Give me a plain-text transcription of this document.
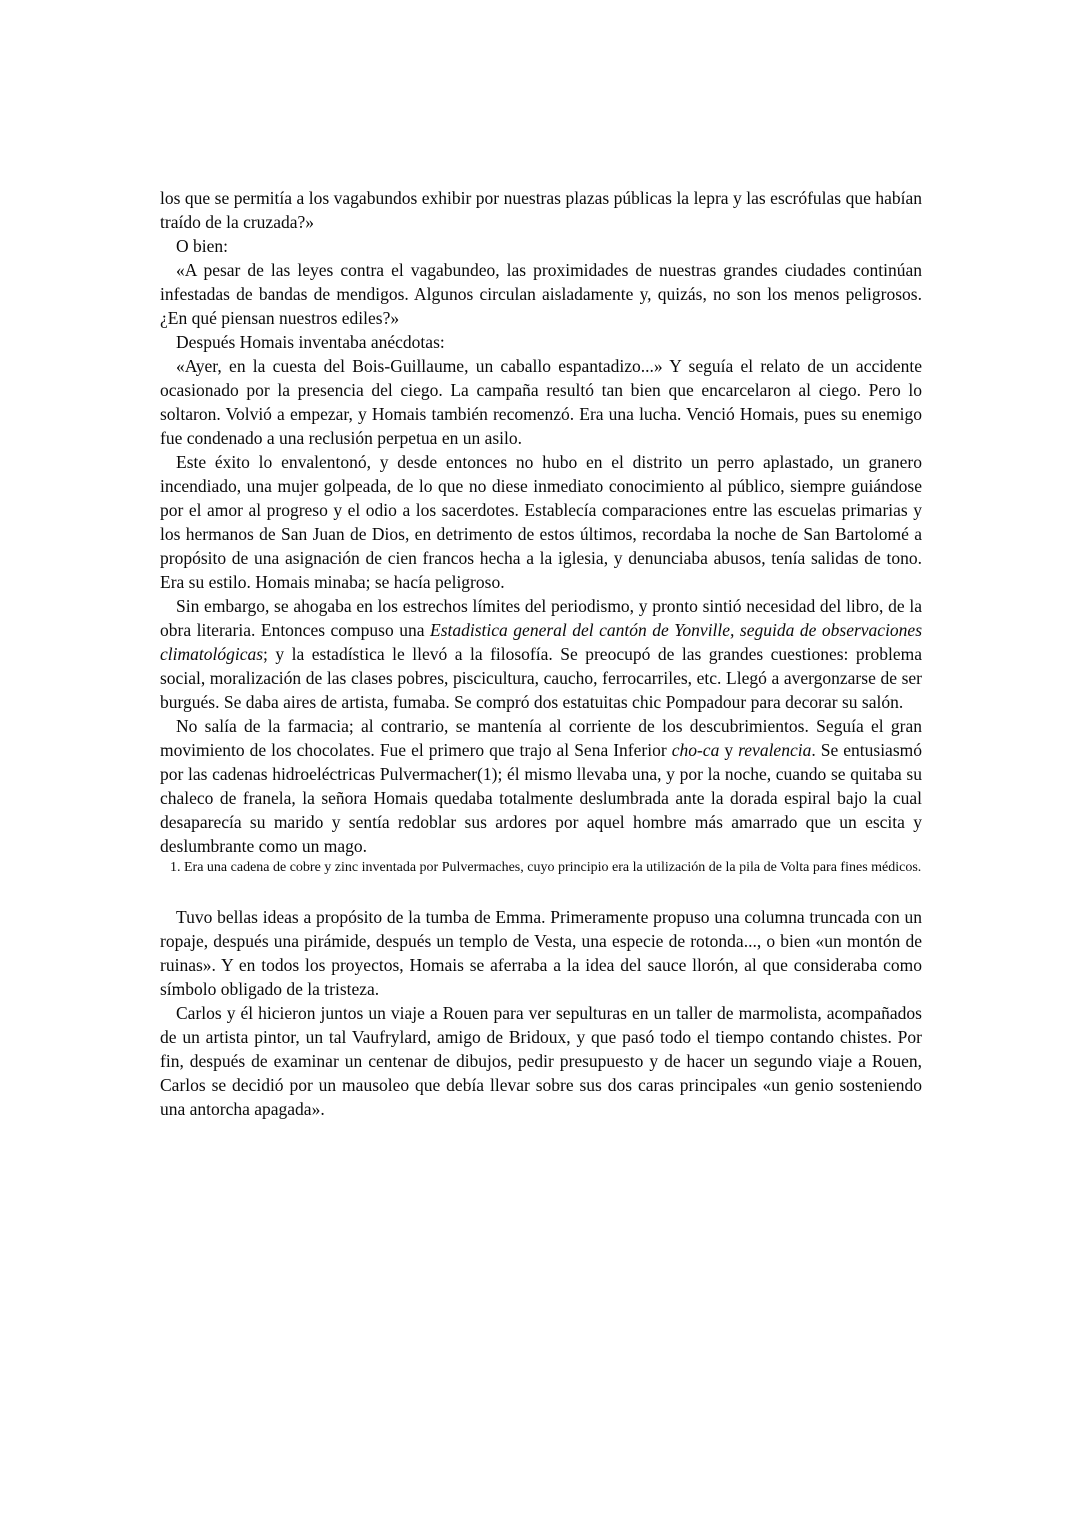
los que se permitía a los vagabundos exhibir por nuestras plazas públicas la lepra y las escrófulas que habían traído de la cruzada?»

O bien:

«A pesar de las leyes contra el vagabundeo, las proximidades de nuestras grandes ciudades continúan infestadas de bandas de mendigos. Algunos circulan aisladamente y, quizás, no son los menos peligrosos. ¿En qué piensan nuestros ediles?»

Después Homais inventaba anécdotas:

«Ayer, en la cuesta del Bois-Guillaume, un caballo espantadizo...» Y seguía el relato de un accidente ocasionado por la presencia del ciego. La campaña resultó tan bien que encarcelaron al ciego. Pero lo soltaron. Volvió a empezar, y Homais también recomenzó. Era una lucha. Venció Homais, pues su enemigo fue condenado a una reclusión perpetua en un asilo.

Este éxito lo envalentonó, y desde entonces no hubo en el distrito un perro aplastado, un granero incendiado, una mujer golpeada, de lo que no diese inmediato conocimiento al público, siempre guiándose por el amor al progreso y el odio a los sacerdotes. Establecía comparaciones entre las escuelas primarias y los hermanos de San Juan de Dios, en detrimento de estos últimos, recordaba la noche de San Bartolomé a propósito de una asignación de cien francos hecha a la iglesia, y denunciaba abusos, tenía salidas de tono. Era su estilo. Homais minaba; se hacía peligroso.

Sin embargo, se ahogaba en los estrechos límites del periodismo, y pronto sintió necesidad del libro, de la obra literaria. Entonces compuso una Estadistica general del cantón de Yonville, seguida de observaciones climatológicas; y la estadística le llevó a la filosofía. Se preocupó de las grandes cuestiones: problema social, moralización de las clases pobres, piscicultura, caucho, ferrocarriles, etc. Llegó a avergonzarse de ser burgués. Se daba aires de artista, fumaba. Se compró dos estatuitas chic Pompadour para decorar su salón.

No salía de la farmacia; al contrario, se mantenía al corriente de los descubrimientos. Seguía el gran movimiento de los chocolates. Fue el primero que trajo al Sena Inferior cho-ca y revalencia. Se entusiasmó por las cadenas hidroeléctricas Pulvermacher(1); él mismo llevaba una, y por la noche, cuando se quitaba su chaleco de franela, la señora Homais quedaba totalmente deslumbrada ante la dorada espiral bajo la cual desaparecía su marido y sentía redoblar sus ardores por aquel hombre más amarrado que un escita y deslumbrante como un mago.

1. Era una cadena de cobre y zinc inventada por Pulvermaches, cuyo principio era la utilización de la pila de Volta para fines médicos.

Tuvo bellas ideas a propósito de la tumba de Emma. Primeramente propuso una columna truncada con un ropaje, después una pirámide, después un templo de Vesta, una especie de rotonda..., o bien «un montón de ruinas». Y en todos los proyectos, Homais se aferraba a la idea del sauce llorón, al que consideraba como símbolo obligado de la tristeza.

Carlos y él hicieron juntos un viaje a Rouen para ver sepulturas en un taller de marmolista, acompañados de un artista pintor, un tal Vaufrylard, amigo de Bridoux, y que pasó todo el tiempo contando chistes. Por fin, después de examinar un centenar de dibujos, pedir presupuesto y de hacer un segundo viaje a Rouen, Carlos se decidió por un mausoleo que debía llevar sobre sus dos caras principales «un genio sosteniendo una antorcha apagada».
